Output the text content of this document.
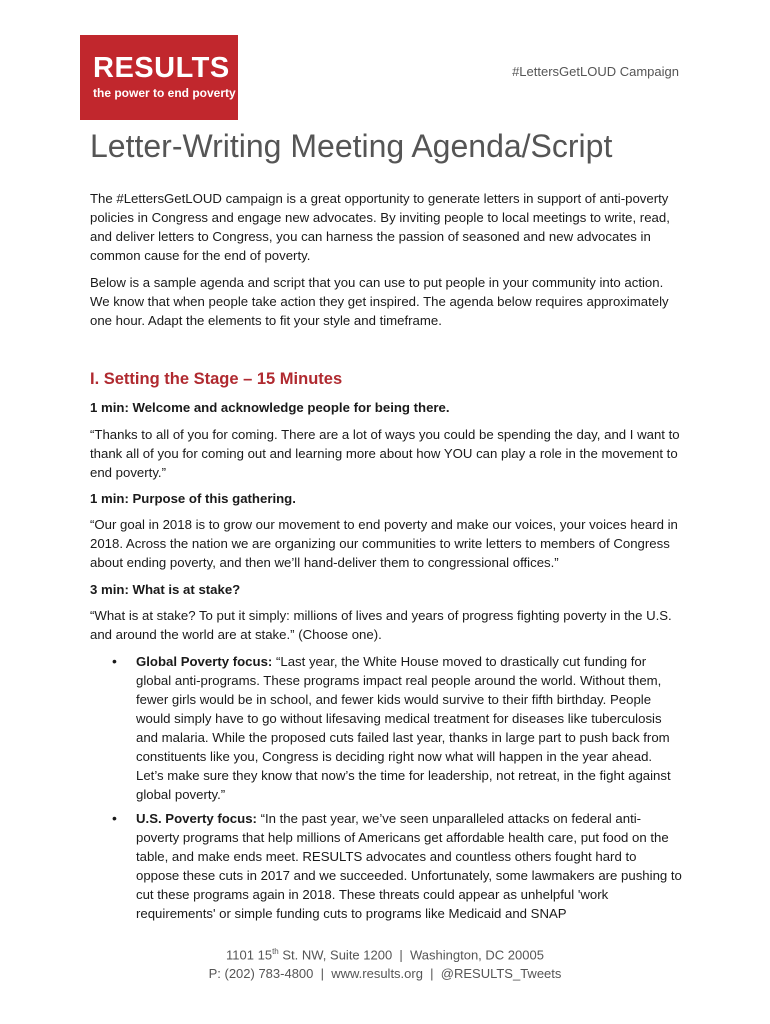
RESULTS
the power to end poverty
#LettersGetLOUD Campaign
Letter-Writing Meeting Agenda/Script

The #LettersGetLOUD campaign is a great opportunity to generate letters in support of anti-poverty policies in Congress and engage new advocates. By inviting people to local meetings to write, read, and deliver letters to Congress, you can harness the passion of seasoned and new advocates in common cause for the end of poverty.

Below is a sample agenda and script that you can use to put people in your community into action. We know that when people take action they get inspired. The agenda below requires approximately one hour. Adapt the elements to fit your style and timeframe.

I. Setting the Stage – 15 Minutes

1 min: Welcome and acknowledge people for being there.

“Thanks to all of you for coming. There are a lot of ways you could be spending the day, and I want to thank all of you for coming out and learning more about how YOU can play a role in the movement to end poverty.”

1 min: Purpose of this gathering.

“Our goal in 2018 is to grow our movement to end poverty and make our voices, your voices heard in 2018. Across the nation we are organizing our communities to write letters to members of Congress about ending poverty, and then we’ll hand-deliver them to congressional offices.”

3 min: What is at stake?

“What is at stake? To put it simply: millions of lives and years of progress fighting poverty in the U.S. and around the world are at stake.” (Choose one).

• Global Poverty focus: “Last year, the White House moved to drastically cut funding for global anti-programs. These programs impact real people around the world. Without them, fewer girls would be in school, and fewer kids would survive to their fifth birthday. People would simply have to go without lifesaving medical treatment for diseases like tuberculosis and malaria. While the proposed cuts failed last year, thanks in large part to push back from constituents like you, Congress is deciding right now what will happen in the year ahead. Let’s make sure they know that now’s the time for leadership, not retreat, in the fight against global poverty.”

• U.S. Poverty focus: “In the past year, we’ve seen unparalleled attacks on federal anti-poverty programs that help millions of Americans get affordable health care, put food on the table, and make ends meet. RESULTS advocates and countless others fought hard to oppose these cuts in 2017 and we succeeded. Unfortunately, some lawmakers are pushing to cut these programs again in 2018. These threats could appear as unhelpful 'work requirements' or simple funding cuts to programs like Medicaid and SNAP

1101 15th St. NW, Suite 1200  |  Washington, DC 20005
P: (202) 783-4800  |  www.results.org  |  @RESULTS_Tweets
